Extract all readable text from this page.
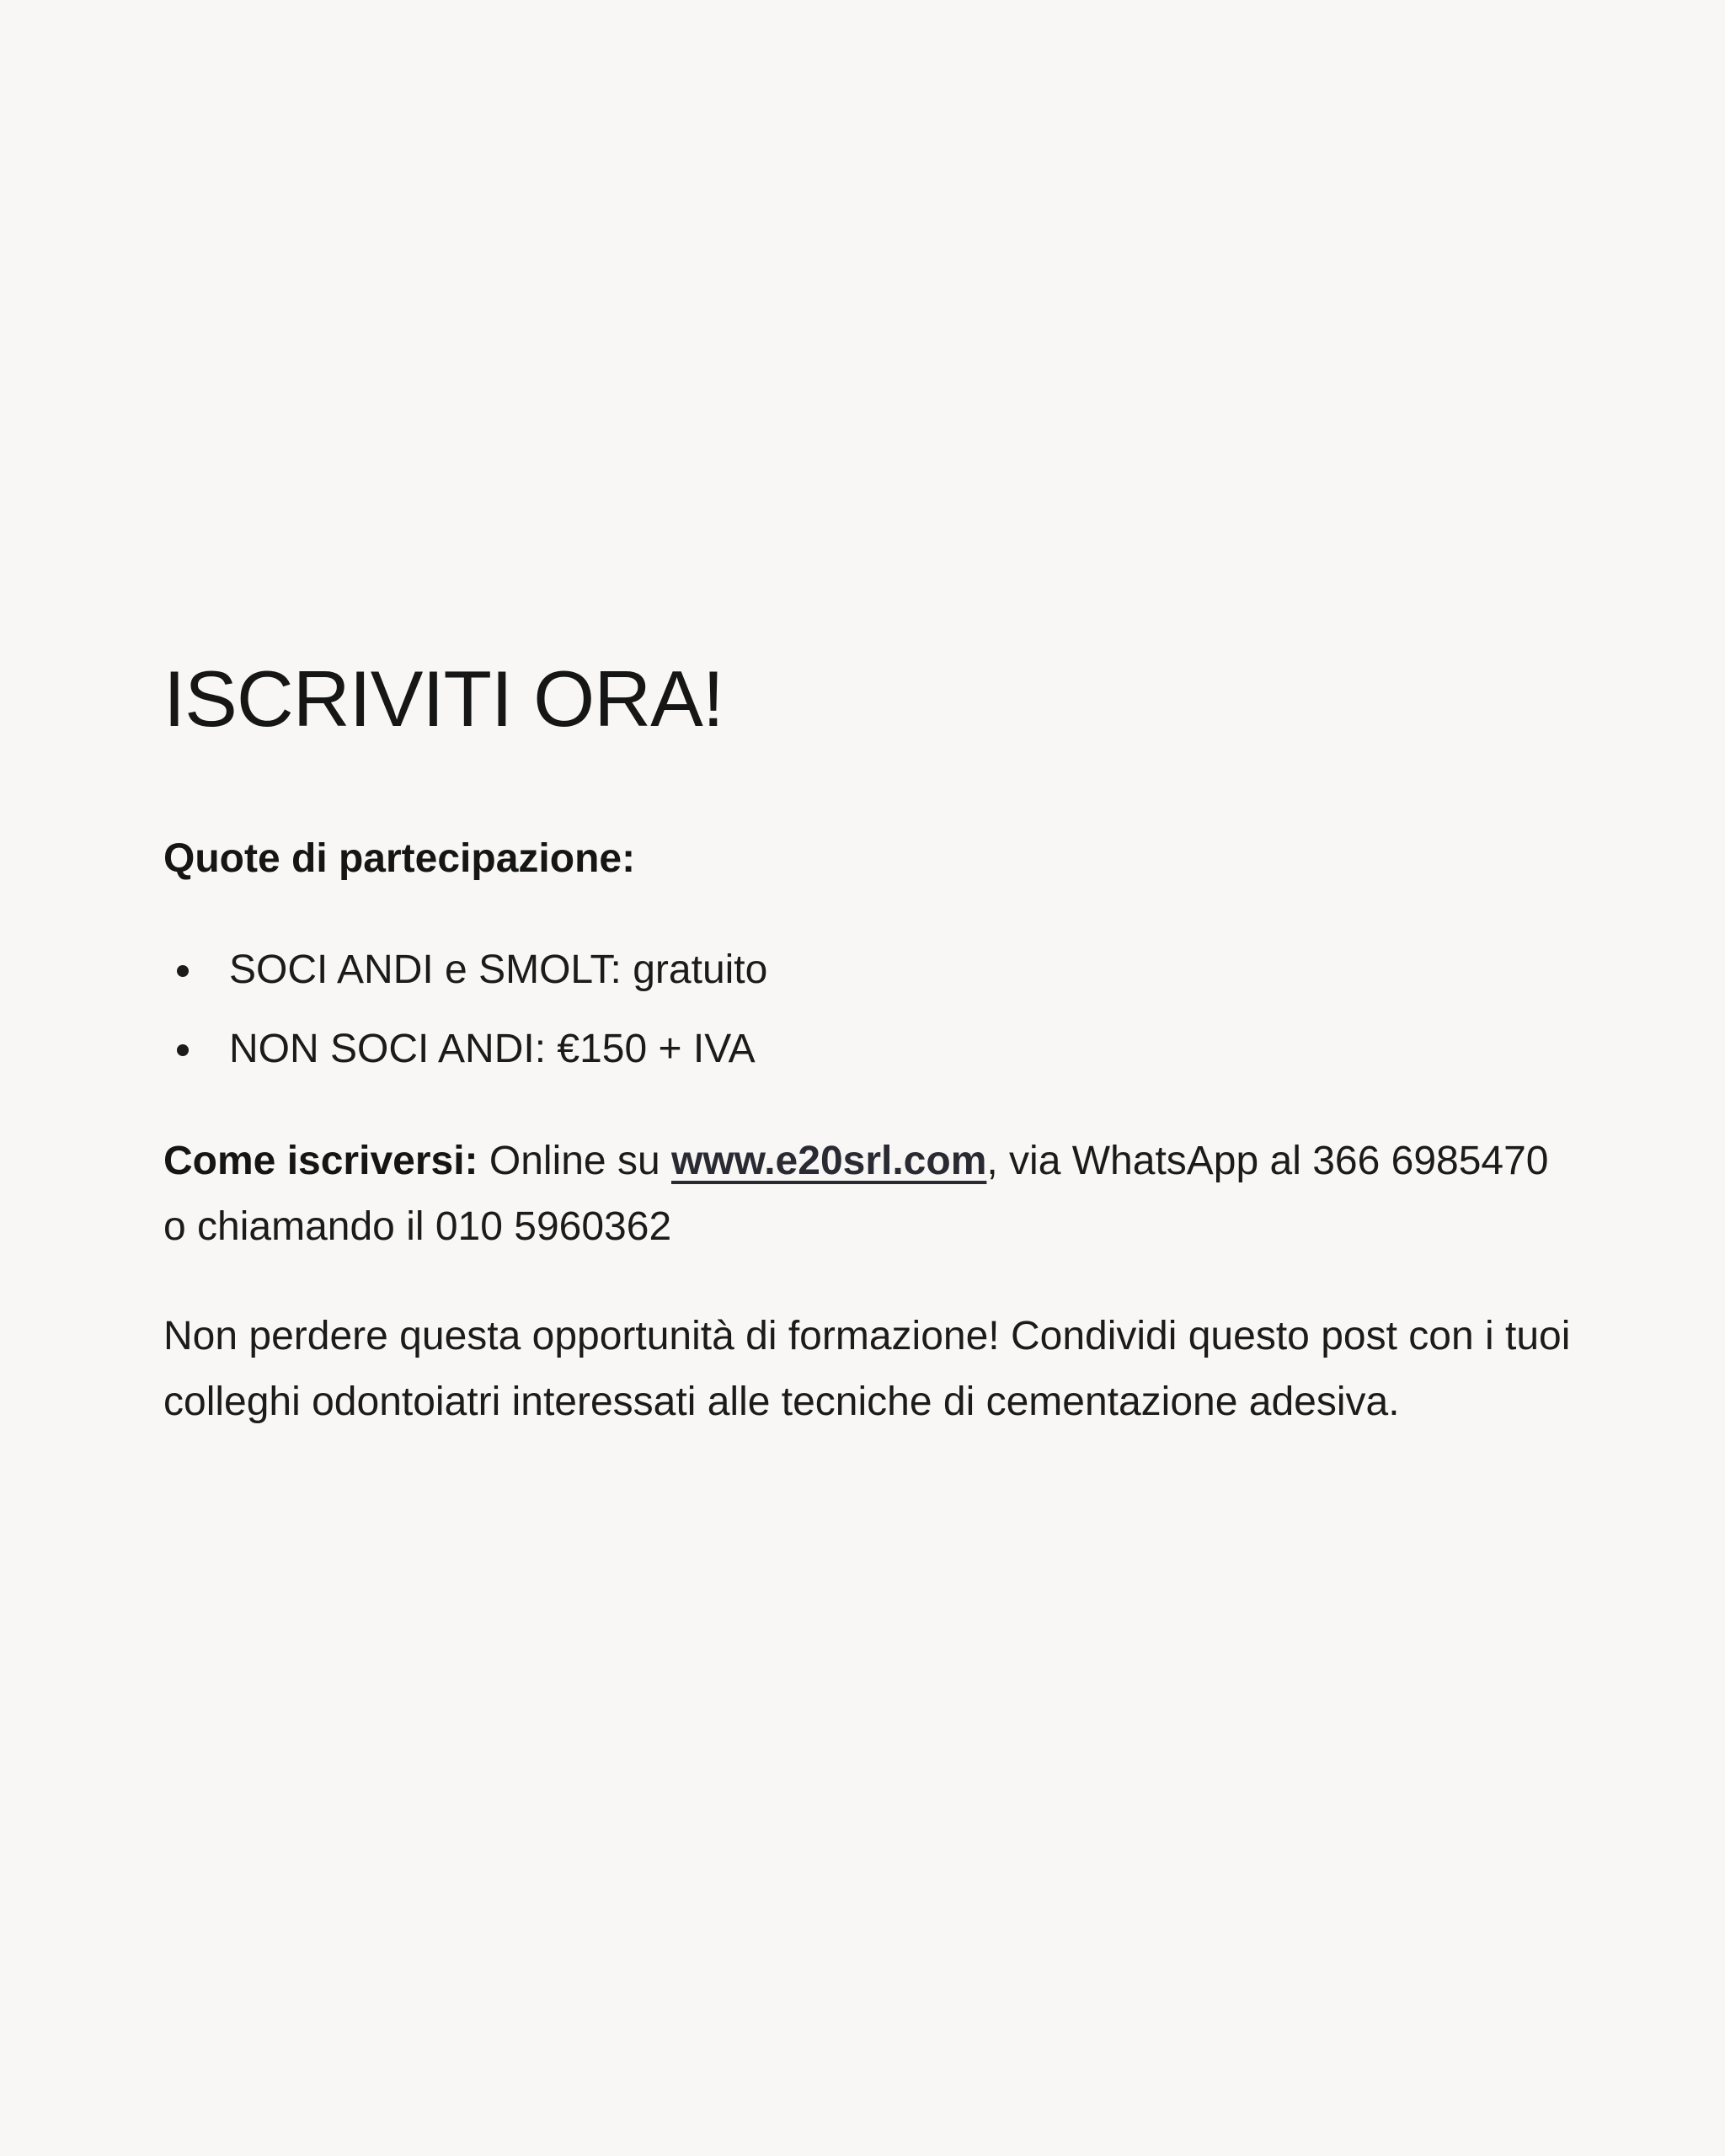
ISCRIVITI ORA!

Quote di partecipazione:

SOCI ANDI e SMOLT: gratuito
NON SOCI ANDI: €150 + IVA

Come iscriversi: Online su www.e20srl.com, via WhatsApp al 366 6985470 o chiamando il 010 5960362

Non perdere questa opportunità di formazione! Condividi questo post con i tuoi colleghi odontoiatri interessati alle tecniche di cementazione adesiva.
